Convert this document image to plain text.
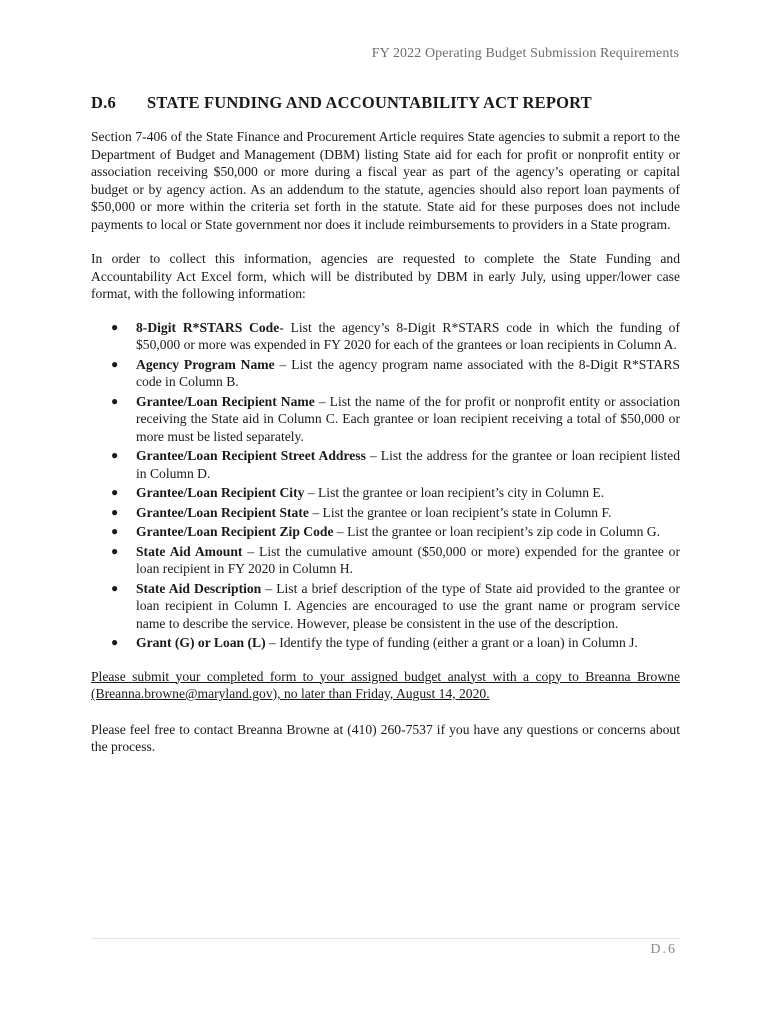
FY 2022 Operating Budget Submission Requirements
D.6	STATE FUNDING AND ACCOUNTABILITY ACT REPORT

Section 7-406 of the State Finance and Procurement Article requires State agencies to submit a report to the Department of Budget and Management (DBM) listing State aid for each for profit or nonprofit entity or association receiving $50,000 or more during a fiscal year as part of the agency’s operating or capital budget or by agency action. As an addendum to the statute, agencies should also report loan payments of $50,000 or more within the criteria set forth in the statute. State aid for these purposes does not include payments to local or State government nor does it include reimbursements to providers in a State program.

In order to collect this information, agencies are requested to complete the State Funding and Accountability Act Excel form, which will be distributed by DBM in early July, using upper/lower case format, with the following information:

● 8-Digit R*STARS Code- List the agency’s 8-Digit R*STARS code in which the funding of $50,000 or more was expended in FY 2020 for each of the grantees or loan recipients in Column A.
● Agency Program Name – List the agency program name associated with the 8-Digit R*STARS code in Column B.
● Grantee/Loan Recipient Name – List the name of the for profit or nonprofit entity or association receiving the State aid in Column C. Each grantee or loan recipient receiving a total of $50,000 or more must be listed separately.
● Grantee/Loan Recipient Street Address – List the address for the grantee or loan recipient listed in Column D.
● Grantee/Loan Recipient City – List the grantee or loan recipient’s city in Column E.
● Grantee/Loan Recipient State – List the grantee or loan recipient’s state in Column F.
● Grantee/Loan Recipient Zip Code – List the grantee or loan recipient’s zip code in Column G.
● State Aid Amount – List the cumulative amount ($50,000 or more) expended for the grantee or loan recipient in FY 2020 in Column H.
● State Aid Description – List a brief description of the type of State aid provided to the grantee or loan recipient in Column I. Agencies are encouraged to use the grant name or program service name to describe the service. However, please be consistent in the use of the description.
● Grant (G) or Loan (L) – Identify the type of funding (either a grant or a loan) in Column J.

Please submit your completed form to your assigned budget analyst with a copy to Breanna Browne (Breanna.browne@maryland.gov), no later than Friday, August 14, 2020.

Please feel free to contact Breanna Browne at (410) 260-7537 if you have any questions or concerns about the process.

D.6
